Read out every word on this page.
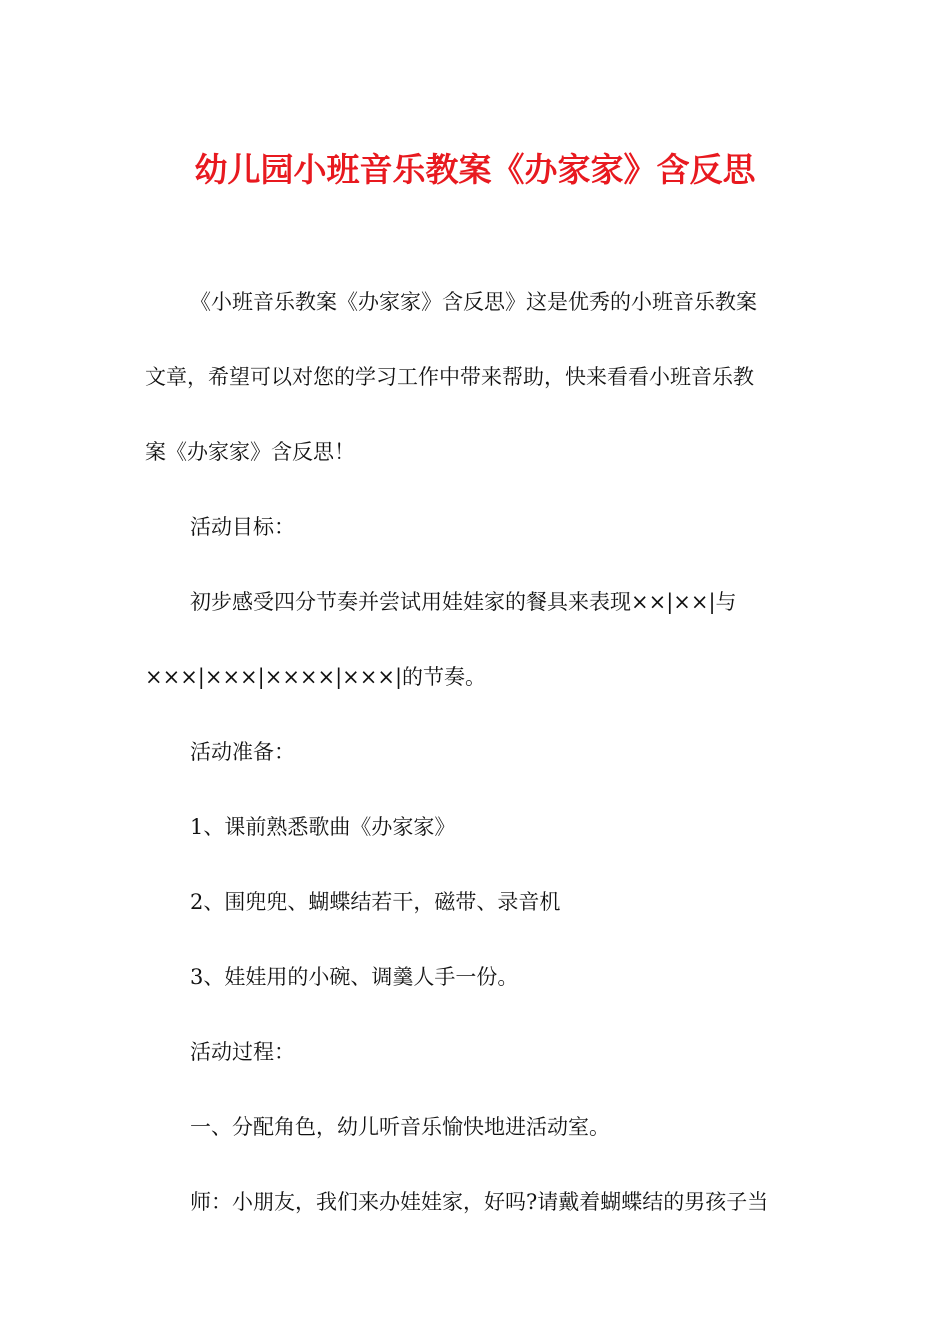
幼儿园小班音乐教案《办家家》含反思

《小班音乐教案《办家家》含反思》这是优秀的小班音乐教案

文章，希望可以对您的学习工作中带来帮助，快来看看小班音乐教

案《办家家》含反思！

活动目标：

初步感受四分节奏并尝试用娃娃家的餐具来表现××|××|与

×××|×××|××××|×××|的节奏。

活动准备：

1、课前熟悉歌曲《办家家》

2、围兜兜、蝴蝶结若干，磁带、录音机

3、娃娃用的小碗、调羹人手一份。

活动过程：

一、分配角色，幼儿听音乐愉快地进活动室。

师：小朋友，我们来办娃娃家，好吗?请戴着蝴蝶结的男孩子当
